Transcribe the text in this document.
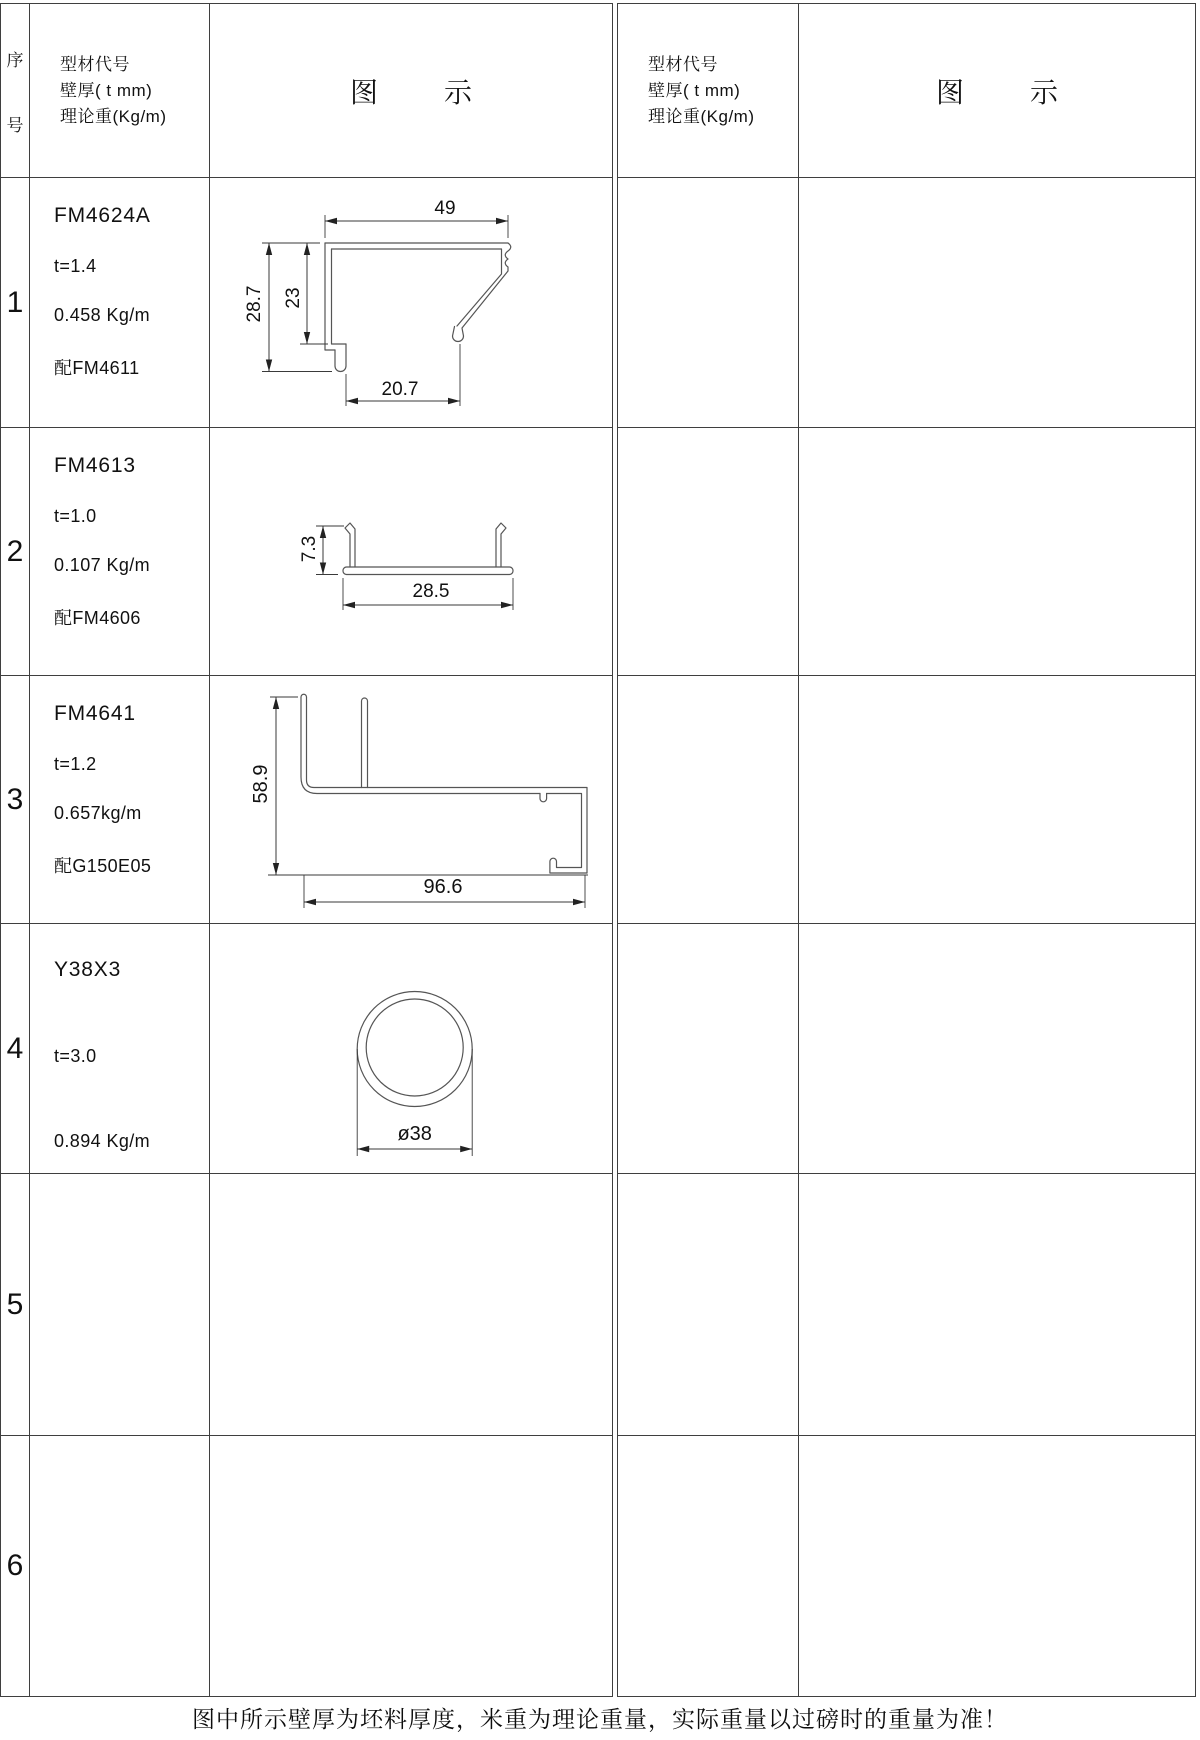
序
号
型材代号
壁厚( t mm)
理论重(Kg/m)
图 示
1
FM4624A
t=1.4
0.458 Kg/m
配FM4611
49
28.7 23
20.7
2
FM4613
t=1.0
0.107 Kg/m
配FM4606
7.3
28.5
3
FM4641
t=1.2
0.657kg/m
配G150E05
58.9
96.6
4
Y38X3
t=3.0
0.894 Kg/m	ø38
5
6
型材代号
壁厚( t mm)
理论重(Kg/m)
图 示
图中所示壁厚为坯料厚度，米重为理论重量，实际重量以过磅时的重量为准！
